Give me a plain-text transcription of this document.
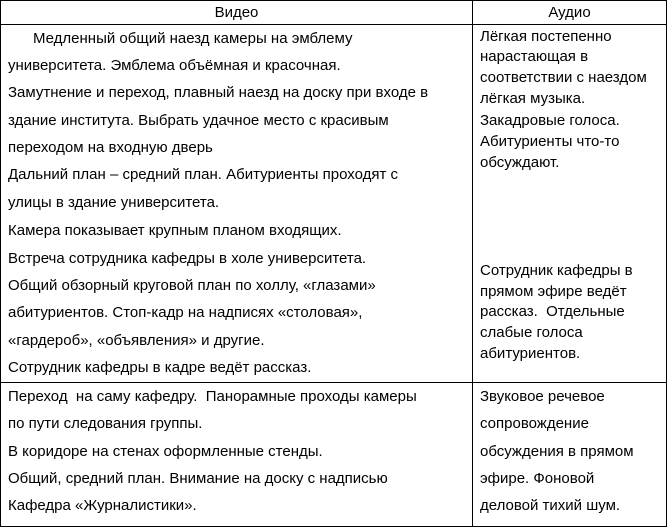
Видео	Аудио
Медленный общий наезд камеры на эмблему
университета. Эмблема объёмная и красочная.
Замутнение и переход, плавный наезд на доску при входе в
здание института. Выбрать удачное место с красивым
переходом на входную дверь
Дальний план – средний план. Абитуриенты проходят с
улицы в здание университета.
Камера показывает крупным планом входящих.
Встреча сотрудника кафедры в холе университета.
Общий обзорный круговой план по холлу, «глазами»
абитуриентов. Стоп-кадр на надписях «столовая»,
«гардероб», «объявления» и другие.
Сотрудник кафедры в кадре ведёт рассказ.
Лёгкая постепенно
нарастающая в
соответствии с наездом
лёгкая музыка.
Закадровые голоса.
Абитуриенты что-то
обсуждают.
Сотрудник кафедры в
прямом эфире ведёт
рассказ.  Отдельные
слабые голоса
абитуриентов.
Переход  на саму кафедру.  Панорамные проходы камеры
по пути следования группы.
В коридоре на стенах оформленные стенды.
Общий, средний план. Внимание на доску с надписью
Кафедра «Журналистики».
Звуковое речевое
сопровождение
обсуждения в прямом
эфире. Фоновой
деловой тихий шум.
